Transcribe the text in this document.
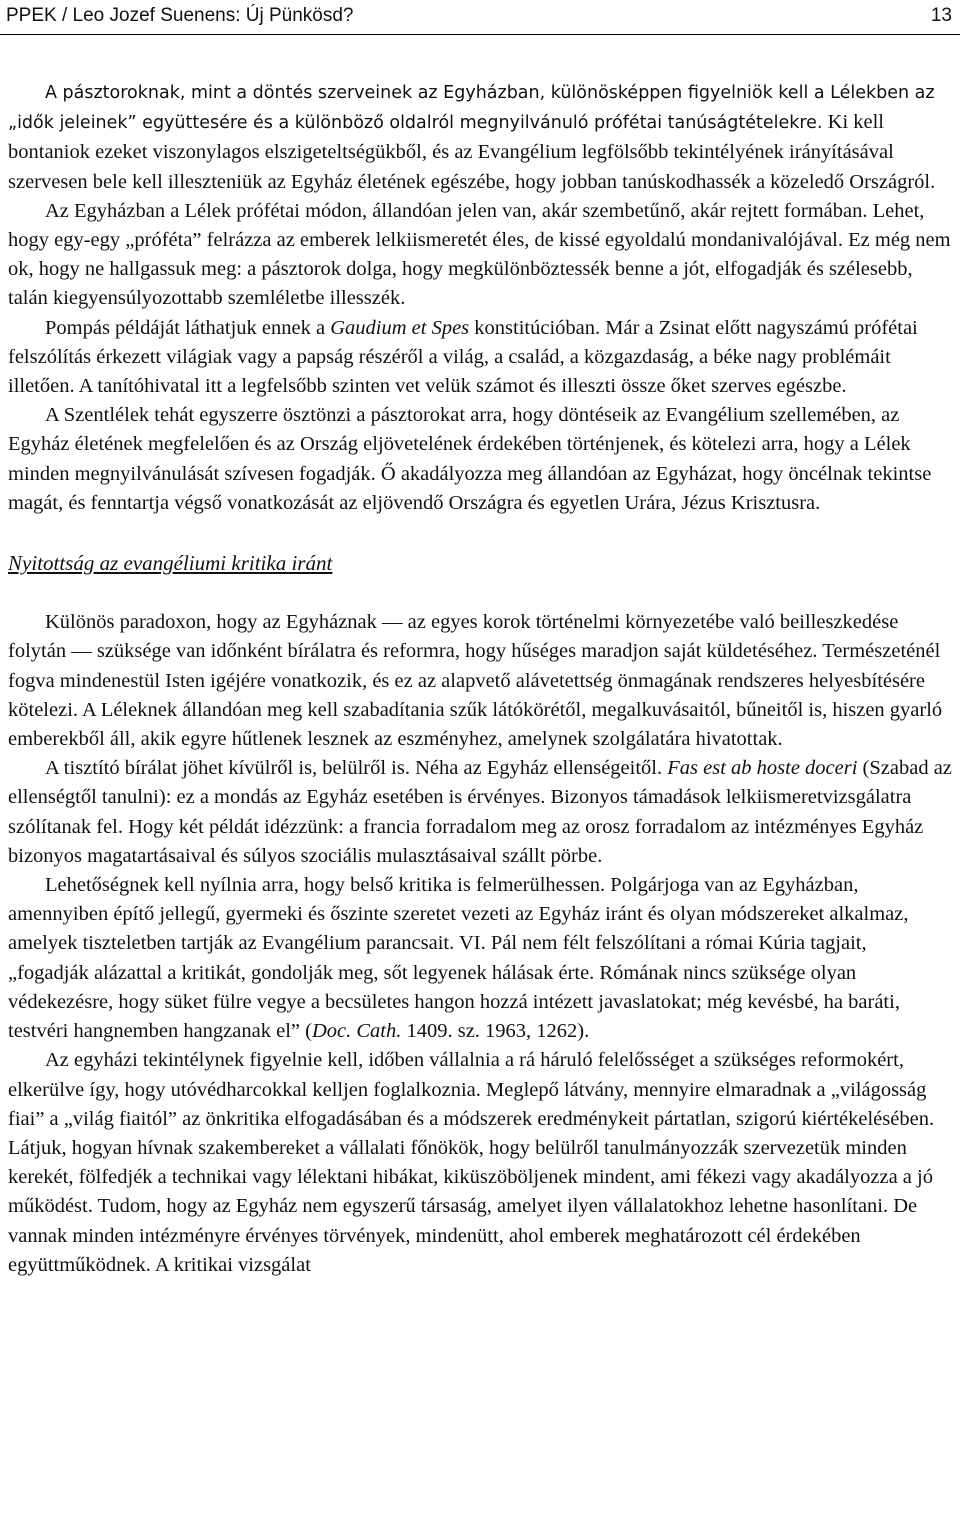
PPEK / Leo Jozef Suenens: Új Pünkösd?	13

A pásztoroknak, mint a döntés szerveinek az Egyházban, különösképpen figyelniök kell a Lélekben az „idők jeleinek” együttesére és a különböző oldalról megnyilvánuló prófétai tanúságtételekre. Ki kell bontaniok ezeket viszonylagos elszigeteltségükből, és az Evangélium legfölsőbb tekintélyének irányításával szervesen bele kell illeszteniük az Egyház életének egészébe, hogy jobban tanúskodhassék a közeledő Országról.

Az Egyházban a Lélek prófétai módon, állandóan jelen van, akár szembetűnő, akár rejtett formában. Lehet, hogy egy-egy „próféta” felrázza az emberek lelkiismeretét éles, de kissé egyoldalú mondanivalójával. Ez még nem ok, hogy ne hallgassuk meg: a pásztorok dolga, hogy megkülönböztessék benne a jót, elfogadják és szélesebb, talán kiegyensúlyozottabb szemléletbe illesszék.

Pompás példáját láthatjuk ennek a Gaudium et Spes konstitúcióban. Már a Zsinat előtt nagyszámú prófétai felszólítás érkezett világiak vagy a papság részéről a világ, a család, a közgazdaság, a béke nagy problémáit illetően. A tanítóhivatal itt a legfelsőbb szinten vet velük számot és illeszti össze őket szerves egészbe.

A Szentlélek tehát egyszerre ösztönzi a pásztorokat arra, hogy döntéseik az Evangélium szellemében, az Egyház életének megfelelően és az Ország eljövetelének érdekében történjenek, és kötelezi arra, hogy a Lélek minden megnyilvánulását szívesen fogadják. Ő akadályozza meg állandóan az Egyházat, hogy öncélnak tekintse magát, és fenntartja végső vonatkozását az eljövendő Országra és egyetlen Urára, Jézus Krisztusra.

Nyitottság az evangéliumi kritika iránt

Különös paradoxon, hogy az Egyháznak — az egyes korok történelmi környezetébe való beilleszkedése folytán — szüksége van időnként bírálatra és reformra, hogy hűséges maradjon saját küldetéséhez. Természeténél fogva mindenestül Isten igéjére vonatkozik, és ez az alapvető alávetettség önmagának rendszeres helyesbítésére kötelezi. A Léleknek állandóan meg kell szabadítania szűk látókörétől, megalkuvásaitól, bűneitől is, hiszen gyarló emberekből áll, akik egyre hűtlenek lesznek az eszményhez, amelynek szolgálatára hivatottak.

A tisztító bírálat jöhet kívülről is, belülről is. Néha az Egyház ellenségeitől. Fas est ab hoste doceri (Szabad az ellenségtől tanulni): ez a mondás az Egyház esetében is érvényes. Bizonyos támadások lelkiismeretvizsgálatra szólítanak fel. Hogy két példát idézzünk: a francia forradalom meg az orosz forradalom az intézményes Egyház bizonyos magatartásaival és súlyos szociális mulasztásaival szállt pörbe.

Lehetőségnek kell nyílnia arra, hogy belső kritika is felmerülhessen. Polgárjoga van az Egyházban, amennyiben építő jellegű, gyermeki és őszinte szeretet vezeti az Egyház iránt és olyan módszereket alkalmaz, amelyek tiszteletben tartják az Evangélium parancsait. VI. Pál nem félt felszólítani a római Kúria tagjait, „fogadják alázattal a kritikát, gondolják meg, sőt legyenek hálásak érte. Rómának nincs szüksége olyan védekezésre, hogy süket fülre vegye a becsületes hangon hozzá intézett javaslatokat; még kevésbé, ha baráti, testvéri hangnemben hangzanak el” (Doc. Cath. 1409. sz. 1963, 1262).

Az egyházi tekintélynek figyelnie kell, időben vállalnia a rá háruló felelősséget a szükséges reformokért, elkerülve így, hogy utóvédharcokkal kelljen foglalkoznia. Meglepő látvány, mennyire elmaradnak a „világosság fiai” a „világ fiaitól” az önkritika elfogadásában és a módszerek eredménykeit pártatlan, szigorú kiértékelésében. Látjuk, hogyan hívnak szakembereket a vállalati főnökök, hogy belülről tanulmányozzák szervezetük minden kerekét, fölfedjék a technikai vagy lélektani hibákat, kiküszöböljenek mindent, ami fékezi vagy akadályozza a jó működést. Tudom, hogy az Egyház nem egyszerű társaság, amelyet ilyen vállalatokhoz lehetne hasonlítani. De vannak minden intézményre érvényes törvények, mindenütt, ahol emberek meghatározott cél érdekében együttműködnek. A kritikai vizsgálat
